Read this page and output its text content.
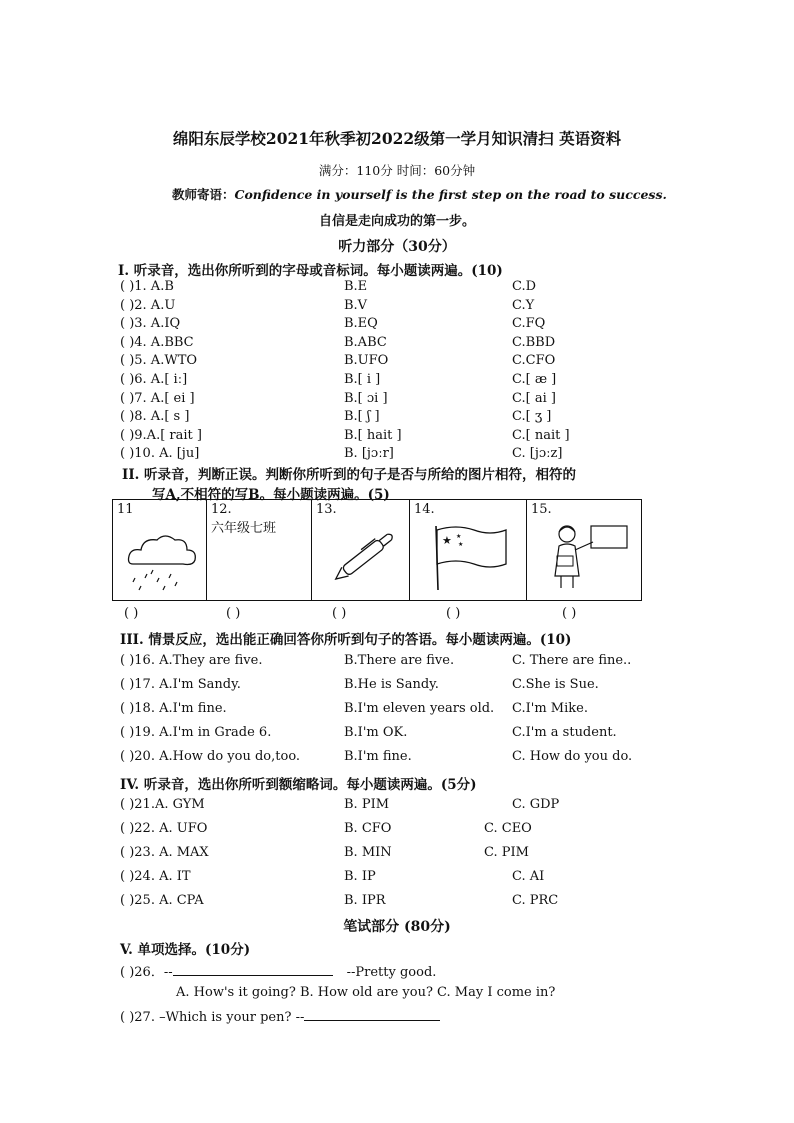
绵阳东辰学校2021年秋季初2022级第一学月知识清扫 英语资料
满分：110分 时间：60分钟
教师寄语：Confidence in yourself is the first step on the road to success.
自信是走向成功的第一步。
听力部分（30分）
I. 听录音，选出你所听到的字母或音标词。每小题读两遍。(10)
( )1. A.B	B.E	C.D
( )2. A.U	B.V	C.Y
( )3. A.IQ	B.EQ	C.FQ
( )4. A.BBC	B.ABC	C.BBD
( )5. A.WTO	B.UFO	C.CFO
( )6. A.[ iː]	B.[ i ]	C.[ æ ]
( )7. A.[ ei ]	B.[ ɔi ]	C.[ ai ]
( )8. A.[ s ]	B.[ ʃ ]	C.[ ʒ ]
( )9.A.[ rait ]	B.[ hait ]	C.[ nait ]
( )10. A. [ju]	B. [jɔːr]	C. [jɔːz]
II. 听录音，判断正误。判断你所听到的句子是否与所给的图片相符，相符的
写A,不相符的写B。每小题读两遍。(5)
11	12.
六年级七班

13.	14.
★ ★
★

15.
( )	( )	( )	( )	( )
III. 情景反应，选出能正确回答你所听到句子的答语。每小题读两遍。(10)
( )16. A.They are five.	B.There are five.	C. There are fine..
( )17. A.I'm Sandy.	B.He is Sandy.	C.She is Sue.
( )18. A.I'm fine.	B.I'm eleven years old. C.I'm Mike.
( )19. A.I'm in Grade 6.	B.I'm OK.	C.I'm a student.
( )20. A.How do you do,too.	B.I'm fine.	C. How do you do.
IV. 听录音，选出你所听到额缩略词。每小题读两遍。(5分)
( )21.A. GYM	B. PIM	C. GDP
( )22. A. UFO	B. CFO	C. CEO
( )23. A. MAX	B. MIN	C. PIM
( )24. A. IT	B. IP	C. AI
( )25. A. CPA	B. IPR	C. PRC
笔试部分 (80分)
V. 单项选择。(10分)
( )26．--	--Pretty good.
A. How's it going? B. How old are you? C. May I come in?
( )27. –Which is your pen? --
